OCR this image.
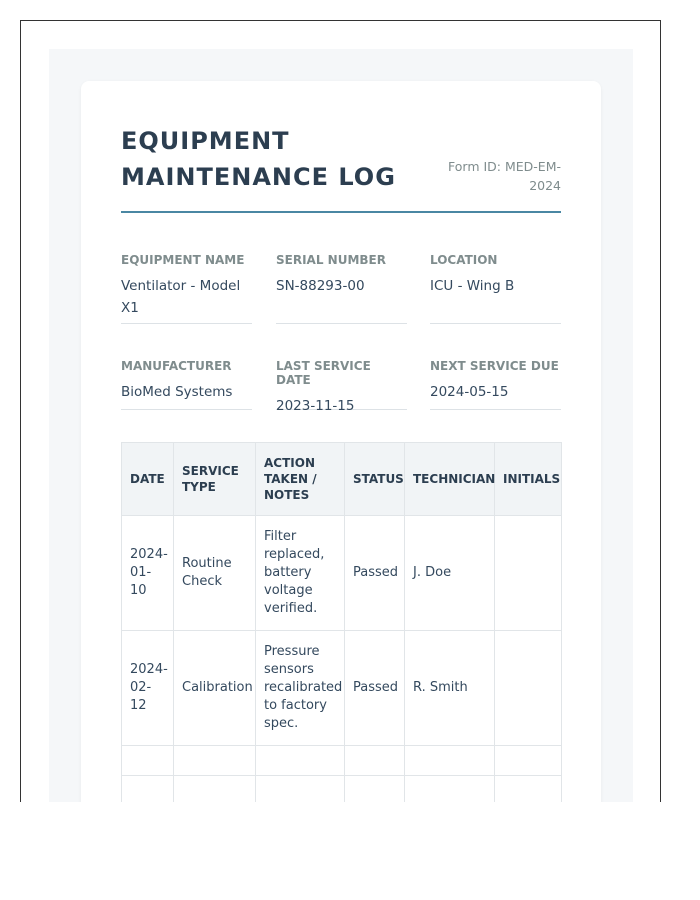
EQUIPMENT MAINTENANCE LOG	Form ID: MED-EM-2024
EQUIPMENT NAME
Ventilator - Model X1
SERIAL NUMBER
SN-88293-00
LOCATION
ICU - Wing B
MANUFACTURER
BioMed Systems
LAST SERVICE DATE
2023-11-15
NEXT SERVICE DUE
2024-05-15
DATE	SERVICE TYPE	ACTION TAKEN / NOTES	STATUS	TECHNICIAN	INITIALS
2024-01-10	Routine Check	Filter replaced, battery voltage verified.	Passed	J. Doe	
2024-02-12	Calibration	Pressure sensors recalibrated to factory spec.	Passed	R. Smith	
